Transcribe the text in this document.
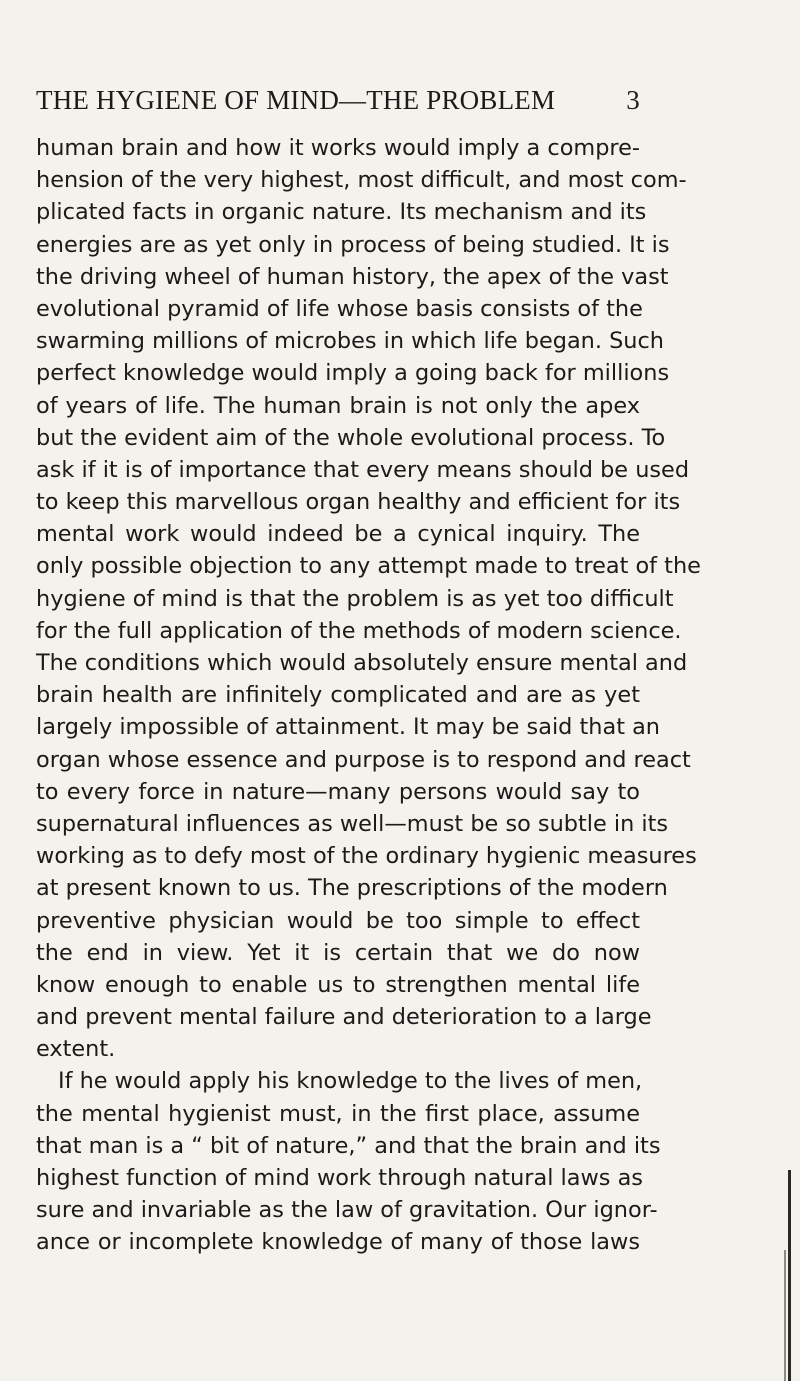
THE HYGIENE OF MIND—THE PROBLEM	3
human brain and how it works would imply a compre-
hension of the very highest, most difficult, and most com-
plicated facts in organic nature. Its mechanism and its
energies are as yet only in process of being studied. It is
the driving wheel of human history, the apex of the vast
evolutional pyramid of life whose basis consists of the
swarming millions of microbes in which life began. Such
perfect knowledge would imply a going back for millions
of years of life. The human brain is not only the apex
but the evident aim of the whole evolutional process. To
ask if it is of importance that every means should be used
to keep this marvellous organ healthy and efficient for its
mental work would indeed be a cynical inquiry. The
only possible objection to any attempt made to treat of the
hygiene of mind is that the problem is as yet too difficult
for the full application of the methods of modern science.
The conditions which would absolutely ensure mental and
brain health are infinitely complicated and are as yet
largely impossible of attainment. It may be said that an
organ whose essence and purpose is to respond and react
to every force in nature—many persons would say to
supernatural influences as well—must be so subtle in its
working as to defy most of the ordinary hygienic measures
at present known to us. The prescriptions of the modern
preventive physician would be too simple to effect
the end in view. Yet it is certain that we do now
know enough to enable us to strengthen mental life
and prevent mental failure and deterioration to a large
extent.
If he would apply his knowledge to the lives of men,
the mental hygienist must, in the first place, assume
that man is a “ bit of nature,” and that the brain and its
highest function of mind work through natural laws as
sure and invariable as the law of gravitation. Our ignor-
ance or incomplete knowledge of many of those laws
